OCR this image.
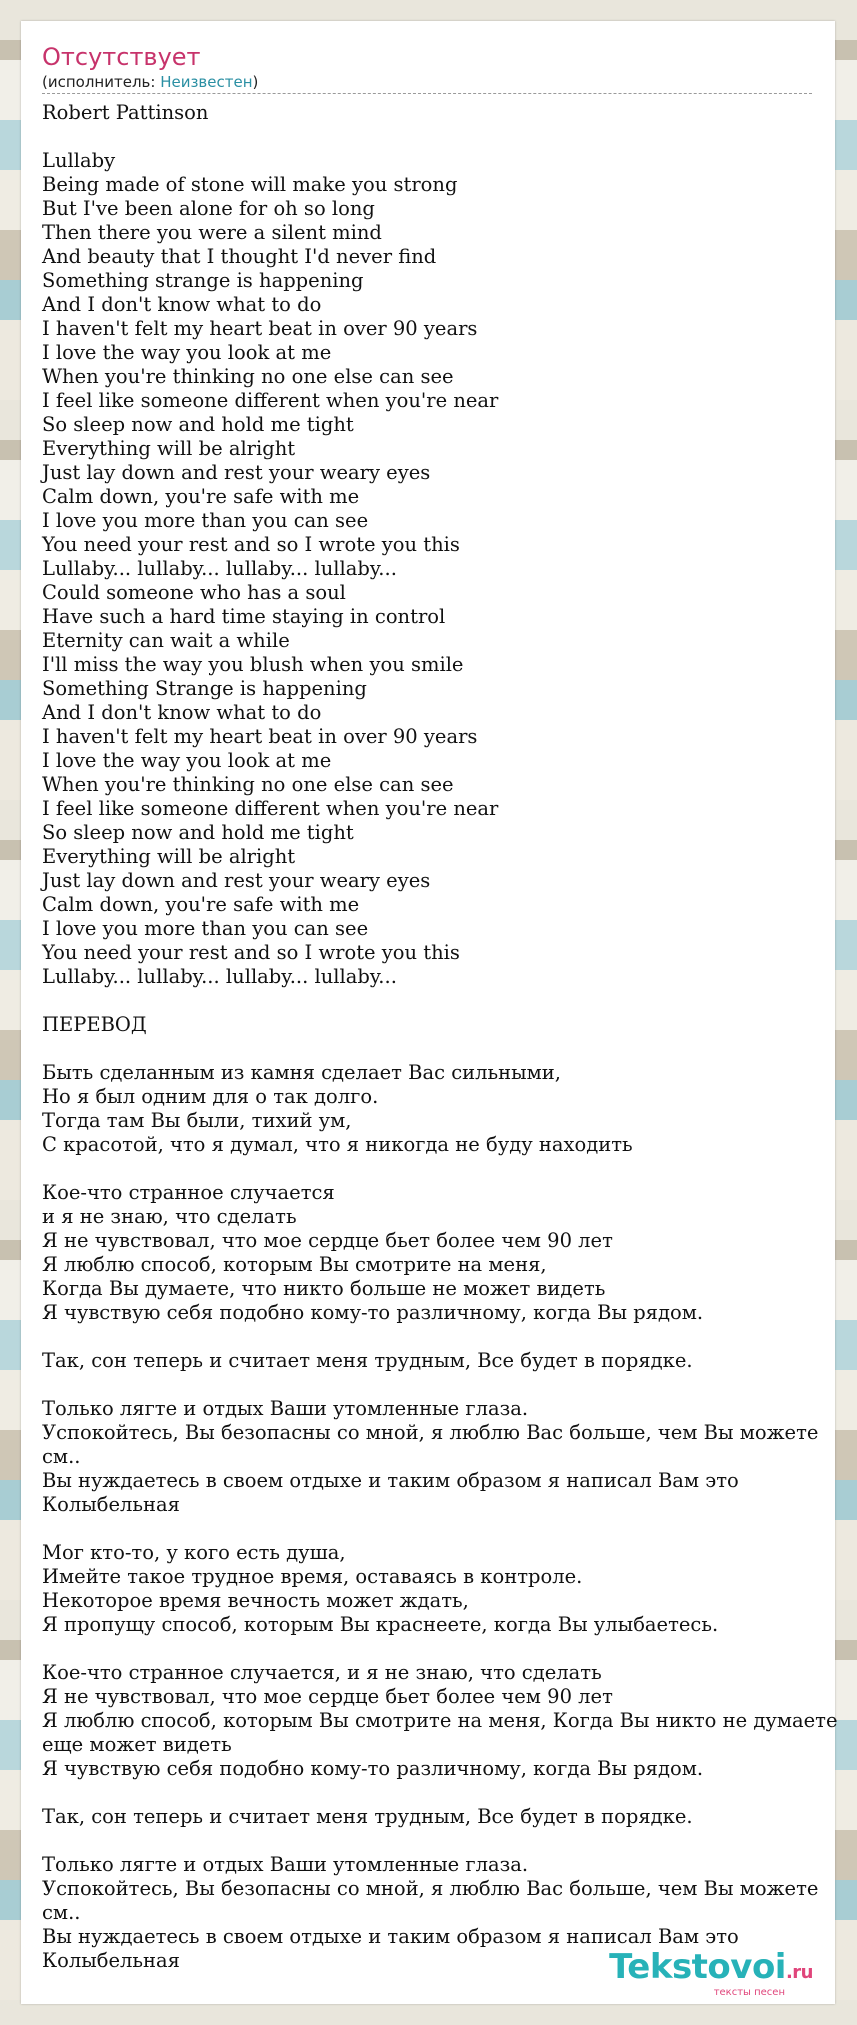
Отсутствует
(исполнитель: Неизвестен)
Robert Pattinson
Lullaby
Being made of stone will make you strong
But I've been alone for oh so long
Then there you were a silent mind
And beauty that I thought I'd never find
Something strange is happening
And I don't know what to do
I haven't felt my heart beat in over 90 years
I love the way you look at me
When you're thinking no one else can see
I feel like someone different when you're near
So sleep now and hold me tight
Everything will be alright
Just lay down and rest your weary eyes
Calm down, you're safe with me
I love you more than you can see
You need your rest and so I wrote you this
Lullaby... lullaby... lullaby... lullaby...
Could someone who has a soul
Have such a hard time staying in control
Eternity can wait a while
I'll miss the way you blush when you smile
Something Strange is happening
And I don't know what to do
I haven't felt my heart beat in over 90 years
I love the way you look at me
When you're thinking no one else can see
I feel like someone different when you're near
So sleep now and hold me tight
Everything will be alright
Just lay down and rest your weary eyes
Calm down, you're safe with me
I love you more than you can see
You need your rest and so I wrote you this
Lullaby... lullaby... lullaby... lullaby...
ПЕРЕВОД
Быть сделанным из камня сделает Вас сильными,
Но я был одним для о так долго.
Тогда там Вы были, тихий ум,
С красотой, что я думал, что я никогда не буду находить
Кое-что странное случается
и я не знаю, что сделать
Я не чувствовал, что мое сердце бьет более чем 90 лет
Я люблю способ, которым Вы смотрите на меня,
Когда Вы думаете, что никто больше не может видеть
Я чувствую себя подобно кому-то различному, когда Вы рядом.
Так, сон теперь и считает меня трудным, Все будет в порядке.
Только лягте и отдых Ваши утомленные глаза.
Успокойтесь, Вы безопасны со мной, я люблю Вас больше, чем Вы можете
см..
Вы нуждаетесь в своем отдыхе и таким образом я написал Вам это
Колыбельная
Мог кто-то, у кого есть душа,
Имейте такое трудное время, оставаясь в контроле.
Некоторое время вечность может ждать,
Я пропущу способ, которым Вы краснеете, когда Вы улыбаетесь.
Кое-что странное случается, и я не знаю, что сделать
Я не чувствовал, что мое сердце бьет более чем 90 лет
Я люблю способ, которым Вы смотрите на меня, Когда Вы никто не думаете
еще может видеть
Я чувствую себя подобно кому-то различному, когда Вы рядом.
Так, сон теперь и считает меня трудным, Все будет в порядке.
Только лягте и отдых Ваши утомленные глаза.
Успокойтесь, Вы безопасны со мной, я люблю Вас больше, чем Вы можете
см..
Вы нуждаетесь в своем отдыхе и таким образом я написал Вам это
Колыбельная	Tekstovoi.ru
тексты песен
